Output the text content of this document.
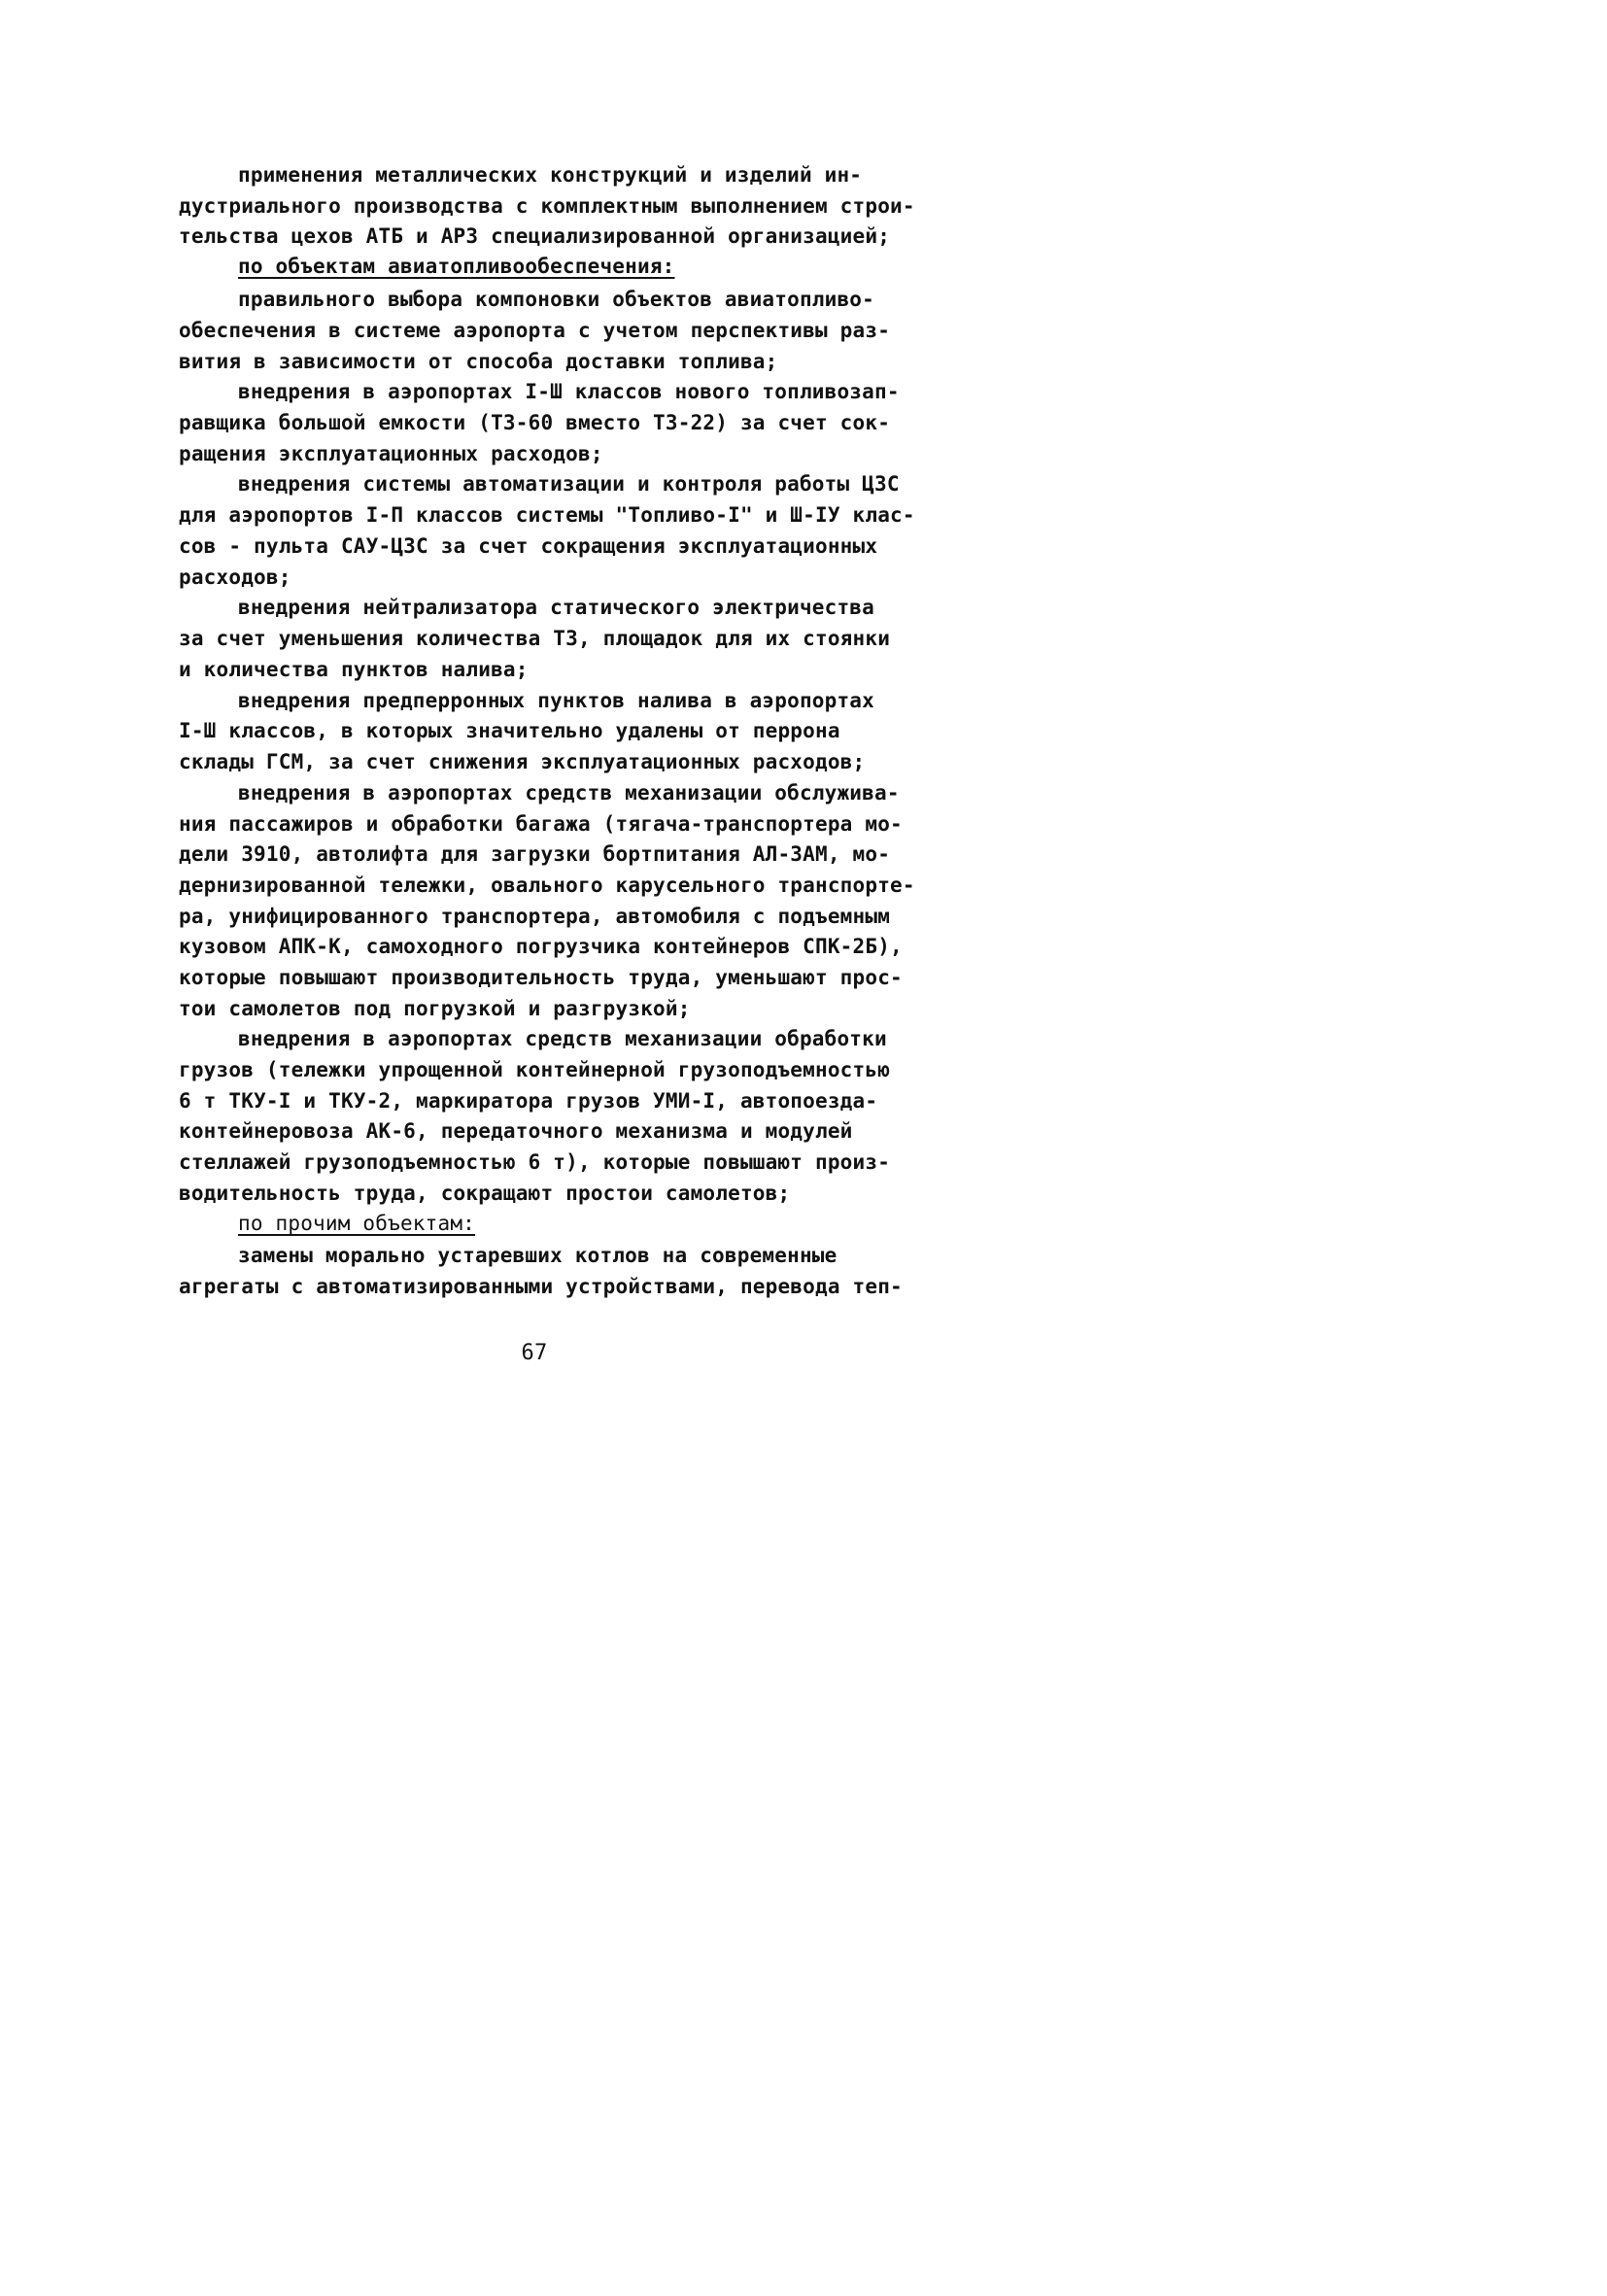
применения металлических конструкций и изделий ин-
дустриального производства с комплектным выполнением строи-
тельства цехов АТБ и АРЗ специализированной организацией;
по объектам авиатопливообеспечения:
правильного выбора компоновки объектов авиатопливо-
обеспечения в системе аэропорта с учетом перспективы раз-
вития в зависимости от способа доставки топлива;
внедрения в аэропортах I-Ш классов нового топливозап-
равщика большой емкости (ТЗ-60 вместо ТЗ-22) за счет сок-
ращения эксплуатационных расходов;
внедрения системы автоматизации и контроля работы ЦЗС
для аэропортов I-П классов системы "Топливо-I" и Ш-IУ клас-
сов - пульта САУ-ЦЗС за счет сокращения эксплуатационных
расходов;
внедрения нейтрализатора статического электричества
за счет уменьшения количества ТЗ, площадок для их стоянки
и количества пунктов налива;
внедрения предперронных пунктов налива в аэропортах
I-Ш классов, в которых значительно удалены от перрона
склады ГСМ, за счет снижения эксплуатационных расходов;
внедрения в аэропортах средств механизации обслужива-
ния пассажиров и обработки багажа (тягача-транспортера мо-
дели 3910, автолифта для загрузки бортпитания АЛ-3АМ, мо-
дернизированной тележки, овального карусельного транспорте-
ра, унифицированного транспортера, автомобиля с подъемным
кузовом АПК-К, самоходного погрузчика контейнеров СПК-2Б),
которые повышают производительность труда, уменьшают прос-
тои самолетов под погрузкой и разгрузкой;
внедрения в аэропортах средств механизации обработки
грузов (тележки упрощенной контейнерной грузоподъемностью
6 т ТКУ-I и ТКУ-2, маркиратора грузов УМИ-I, автопоезда-
контейнеровоза АК-6, передаточного механизма и модулей
стеллажей грузоподъемностью 6 т), которые повышают произ-
водительность труда, сокращают простои самолетов;
по прочим объектам:
замены морально устаревших котлов на современные
агрегаты с автоматизированными устройствами, перевода теп-
67
